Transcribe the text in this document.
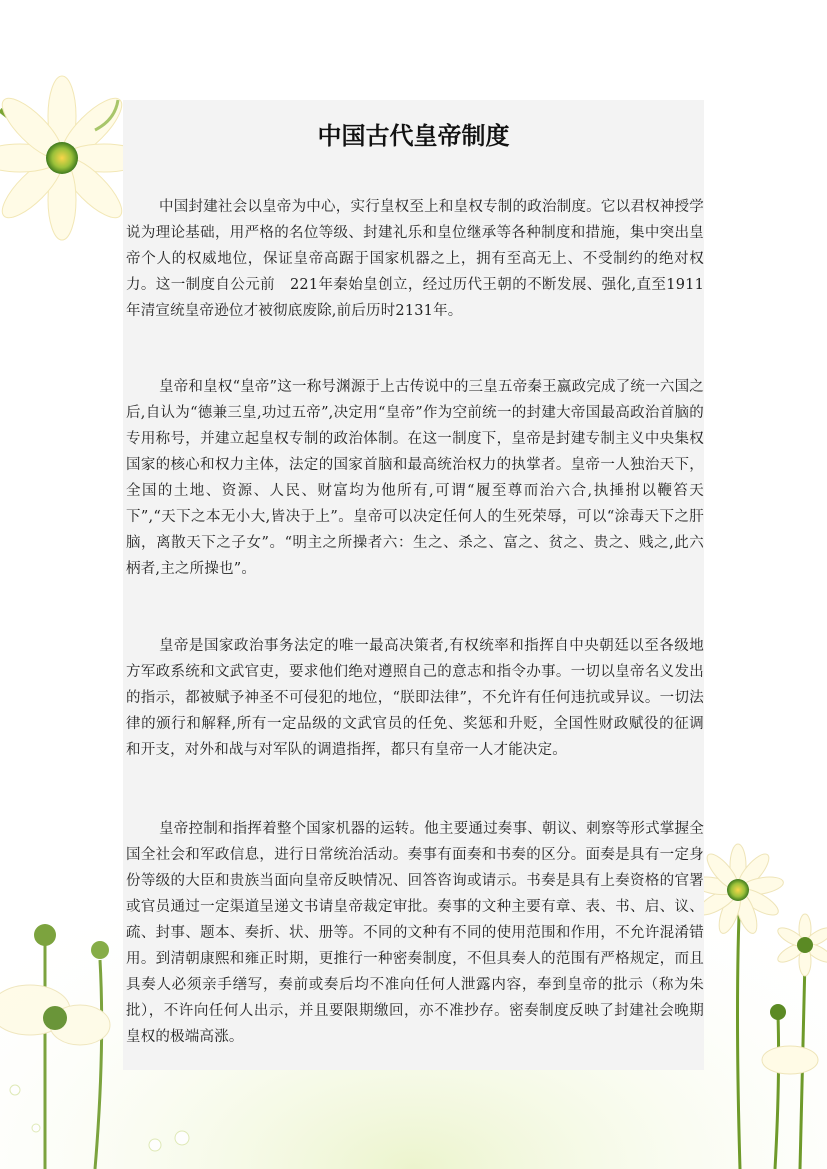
中国古代皇帝制度

中国封建社会以皇帝为中心，实行皇权至上和皇权专制的政治制度。它以君权神授学说为理论基础，用严格的名位等级、封建礼乐和皇位继承等各种制度和措施，集中突出皇帝个人的权威地位，保证皇帝高踞于国家机器之上，拥有至高无上、不受制约的绝对权力。这一制度自公元前　221年秦始皇创立，经过历代王朝的不断发展、强化,直至1911年清宣统皇帝逊位才被彻底废除,前后历时2131年。

皇帝和皇权“皇帝”这一称号渊源于上古传说中的三皇五帝秦王嬴政完成了统一六国之后,自认为“德兼三皇,功过五帝”,决定用“皇帝”作为空前统一的封建大帝国最高政治首脑的专用称号，并建立起皇权专制的政治体制。在这一制度下，皇帝是封建专制主义中央集权国家的核心和权力主体，法定的国家首脑和最高统治权力的执掌者。皇帝一人独治天下，全国的土地、资源、人民、财富均为他所有,可谓“履至尊而治六合,执捶拊以鞭笞天下”,“天下之本无小大,皆决于上”。皇帝可以决定任何人的生死荣辱，可以“涂毒天下之肝脑，离散天下之子女”。“明主之所操者六：生之、杀之、富之、贫之、贵之、贱之,此六柄者,主之所操也”。

皇帝是国家政治事务法定的唯一最高决策者,有权统率和指挥自中央朝廷以至各级地方军政系统和文武官吏，要求他们绝对遵照自己的意志和指令办事。一切以皇帝名义发出的指示，都被赋予神圣不可侵犯的地位，“朕即法律”，不允许有任何违抗或异议。一切法律的颁行和解释,所有一定品级的文武官员的任免、奖惩和升贬，全国性财政赋役的征调和开支，对外和战与对军队的调遣指挥，都只有皇帝一人才能决定。

皇帝控制和指挥着整个国家机器的运转。他主要通过奏事、朝议、刺察等形式掌握全国全社会和军政信息，进行日常统治活动。奏事有面奏和书奏的区分。面奏是具有一定身份等级的大臣和贵族当面向皇帝反映情况、回答咨询或请示。书奏是具有上奏资格的官署或官员通过一定渠道呈递文书请皇帝裁定审批。奏事的文种主要有章、表、书、启、议、疏、封事、题本、奏折、状、册等。不同的文种有不同的使用范围和作用，不允许混淆错用。到清朝康熙和雍正时期，更推行一种密奏制度，不但具奏人的范围有严格规定，而且具奏人必须亲手缮写，奏前或奏后均不准向任何人泄露内容，奉到皇帝的批示（称为朱批），不许向任何人出示，并且要限期缴回，亦不准抄存。密奏制度反映了封建社会晚期皇权的极端高涨。
